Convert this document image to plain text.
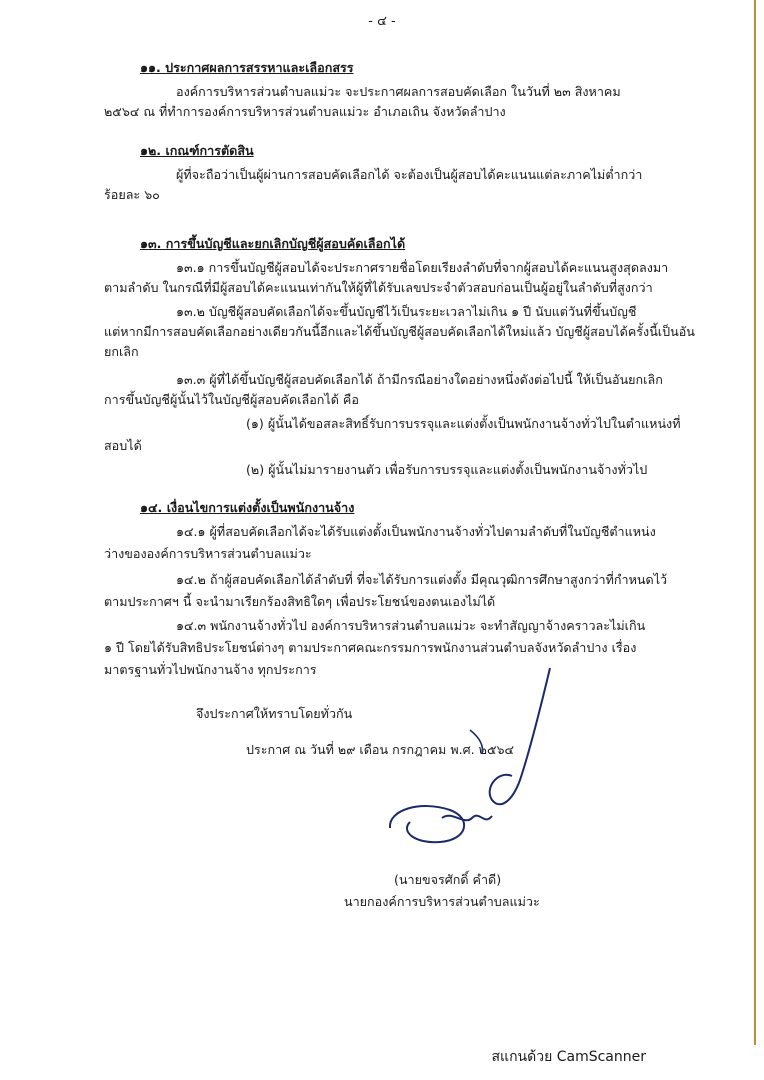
- ๔ -
๑๑. ประกาศผลการสรรหาและเลือกสรร
องค์การบริหารส่วนตำบลแม่วะ จะประกาศผลการสอบคัดเลือก ในวันที่ ๒๓ สิงหาคม
๒๕๖๔ ณ ที่ทำการองค์การบริหารส่วนตำบลแม่วะ อำเภอเถิน จังหวัดลำปาง
๑๒. เกณฑ์การตัดสิน
ผู้ที่จะถือว่าเป็นผู้ผ่านการสอบคัดเลือกได้ จะต้องเป็นผู้สอบได้คะแนนแต่ละภาคไม่ต่ำกว่า
ร้อยละ ๖๐
๑๓. การขึ้นบัญชีและยกเลิกบัญชีผู้สอบคัดเลือกได้
๑๓.๑ การขึ้นบัญชีผู้สอบได้จะประกาศรายชื่อโดยเรียงลำดับที่จากผู้สอบได้คะแนนสูงสุดลงมา
ตามลำดับ ในกรณีที่มีผู้สอบได้คะแนนเท่ากันให้ผู้ที่ได้รับเลขประจำตัวสอบก่อนเป็นผู้อยู่ในลำดับที่สูงกว่า
๑๓.๒ บัญชีผู้สอบคัดเลือกได้จะขึ้นบัญชีไว้เป็นระยะเวลาไม่เกิน ๑ ปี นับแต่วันที่ขึ้นบัญชี
แต่หากมีการสอบคัดเลือกอย่างเดียวกันนี้อีกและได้ขึ้นบัญชีผู้สอบคัดเลือกได้ใหม่แล้ว บัญชีผู้สอบได้ครั้งนี้เป็นอัน
ยกเลิก
๑๓.๓ ผู้ที่ได้ขึ้นบัญชีผู้สอบคัดเลือกได้ ถ้ามีกรณีอย่างใดอย่างหนึ่งดังต่อไปนี้ ให้เป็นอันยกเลิก
การขึ้นบัญชีผู้นั้นไว้ในบัญชีผู้สอบคัดเลือกได้ คือ
(๑) ผู้นั้นได้ขอสละสิทธิ์รับการบรรจุและแต่งตั้งเป็นพนักงานจ้างทั่วไปในตำแหน่งที่
สอบได้
(๒) ผู้นั้นไม่มารายงานตัว เพื่อรับการบรรจุและแต่งตั้งเป็นพนักงานจ้างทั่วไป
๑๔. เงื่อนไขการแต่งตั้งเป็นพนักงานจ้าง
๑๔.๑ ผู้ที่สอบคัดเลือกได้จะได้รับแต่งตั้งเป็นพนักงานจ้างทั่วไปตามลำดับที่ในบัญชีตำแหน่ง
ว่างขององค์การบริหารส่วนตำบลแม่วะ
๑๔.๒ ถ้าผู้สอบคัดเลือกได้ลำดับที่ ที่จะได้รับการแต่งตั้ง มีคุณวุฒิการศึกษาสูงกว่าที่กำหนดไว้
ตามประกาศฯ นี้ จะนำมาเรียกร้องสิทธิใดๆ เพื่อประโยชน์ของตนเองไม่ได้
๑๔.๓ พนักงานจ้างทั่วไป องค์การบริหารส่วนตำบลแม่วะ จะทำสัญญาจ้างคราวละไม่เกิน
๑ ปี โดยได้รับสิทธิประโยชน์ต่างๆ ตามประกาศคณะกรรมการพนักงานส่วนตำบลจังหวัดลำปาง เรื่อง
มาตรฐานทั่วไปพนักงานจ้าง ทุกประการ
จึงประกาศให้ทราบโดยทั่วกัน
ประกาศ ณ วันที่ ๒๙ เดือน กรกฎาคม พ.ศ. ๒๕๖๔
(นายขจรศักดิ์ คำดี)
นายกองค์การบริหารส่วนตำบลแม่วะ
สแกนด้วย CamScanner
